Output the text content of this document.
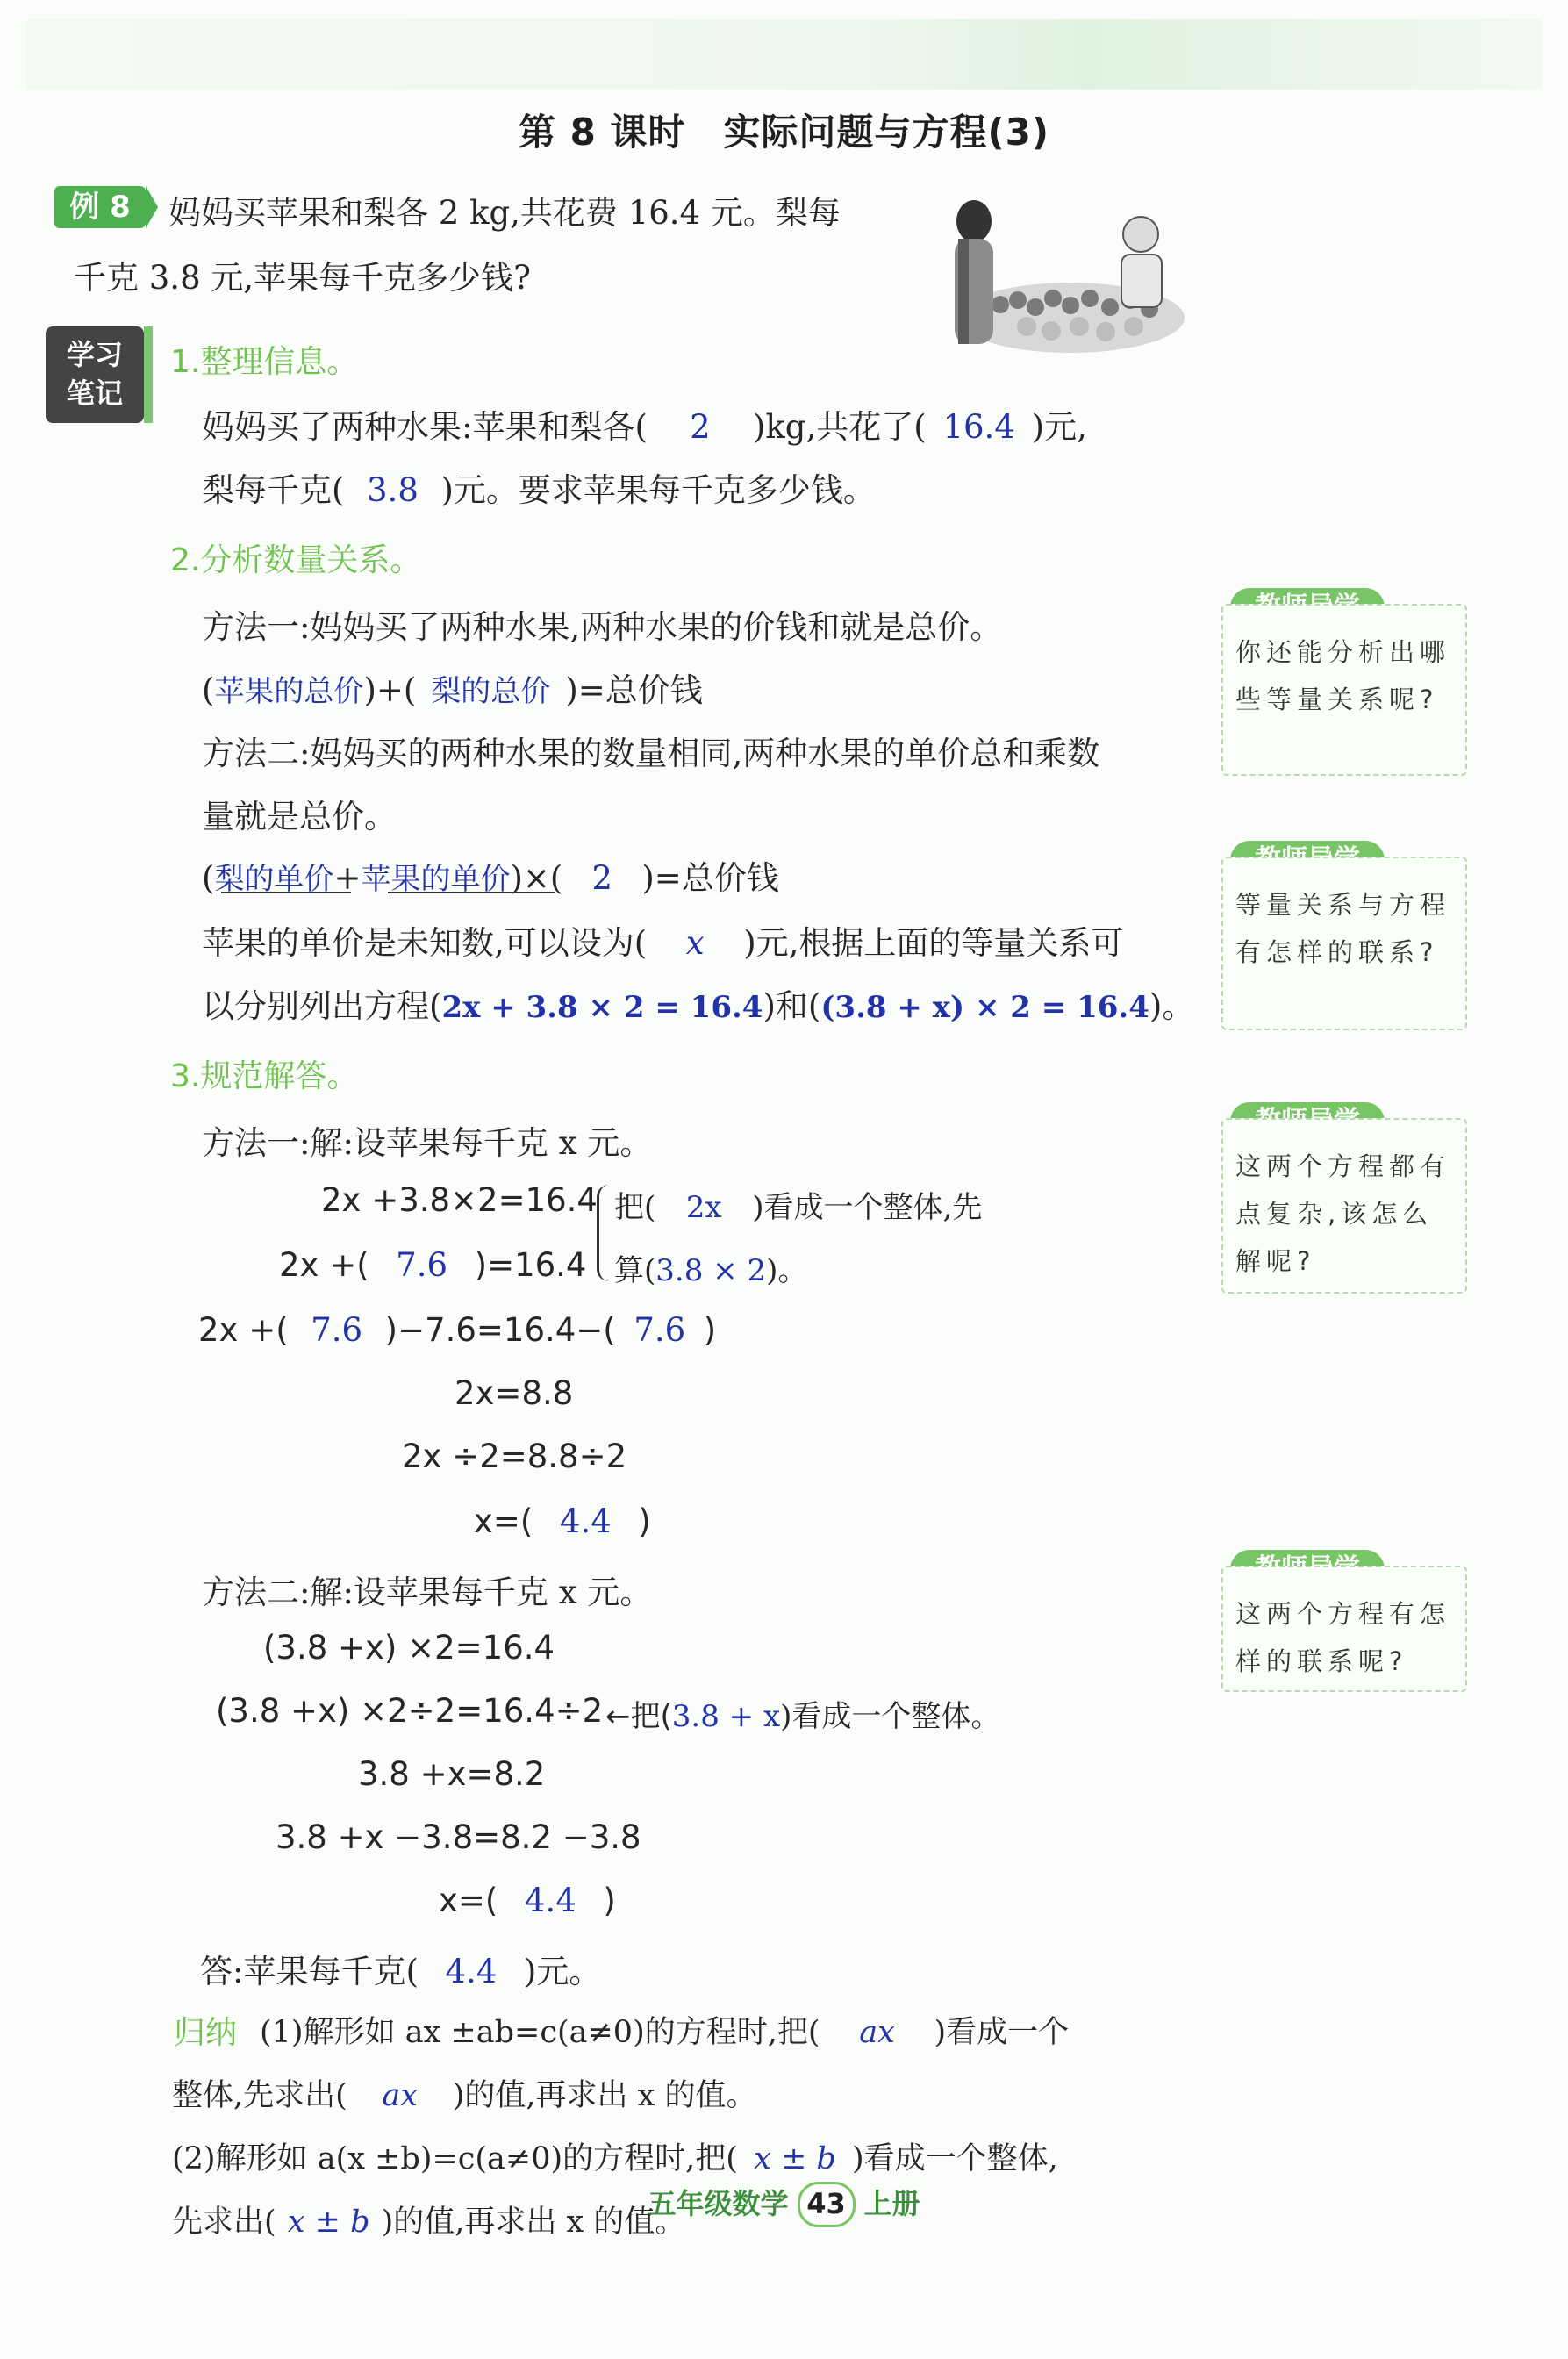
第 8 课时　实际问题与方程(3)
例 8	妈妈买苹果和梨各 2 kg,共花费 16.4 元。梨每
千克 3.8 元,苹果每千克多少钱?
学习
笔记
1.整理信息。
妈妈买了两种水果:苹果和梨各( 2 )kg,共花了( 16.4 )元,
梨每千克( 3.8 )元。要求苹果每千克多少钱。
2.分析数量关系。
方法一:妈妈买了两种水果,两种水果的价钱和就是总价。
(苹果的总价)+( 梨的总价 )=总价钱
方法二:妈妈买的两种水果的数量相同,两种水果的单价总和乘数
量就是总价。
(梨的单价+苹果的单价)×( 2 )=总价钱
苹果的单价是未知数,可以设为( x )元,根据上面的等量关系可
以分别列出方程(2x + 3.8 × 2 = 16.4)和((3.8 + x) × 2 = 16.4)。
3.规范解答。
方法一:解:设苹果每千克 x 元。
2x +3.8×2=16.4 把( 2x )看成一个整体,先
2x +( 7.6 )=16.4 算(3.8 × 2)。
2x +( 7.6 )−7.6=16.4−( 7.6 )
2x=8.8
2x ÷2=8.8÷2
x=( 4.4 )
方法二:解:设苹果每千克 x 元。
(3.8 +x) ×2=16.4
(3.8 +x) ×2÷2=16.4÷2 ←把(3.8 + x)看成一个整体。
3.8 +x=8.2
3.8 +x −3.8=8.2 −3.8
x=( 4.4 )
答:苹果每千克( 4.4 )元。
归纳 (1)解形如 ax ±ab=c(a≠0)的方程时,把( ax )看成一个
整体,先求出( ax )的值,再求出 x 的值。
(2)解形如 a(x ±b)=c(a≠0)的方程时,把( x ± b )看成一个整体,
先求出( x ± b )的值,再求出 x 的值。
你还能分析出哪些等量关系呢?
等量关系与方程有怎样的联系?
这两个方程都有点复杂,该怎么解呢?
这两个方程有怎样的联系呢?
五年级数学 43 上册
